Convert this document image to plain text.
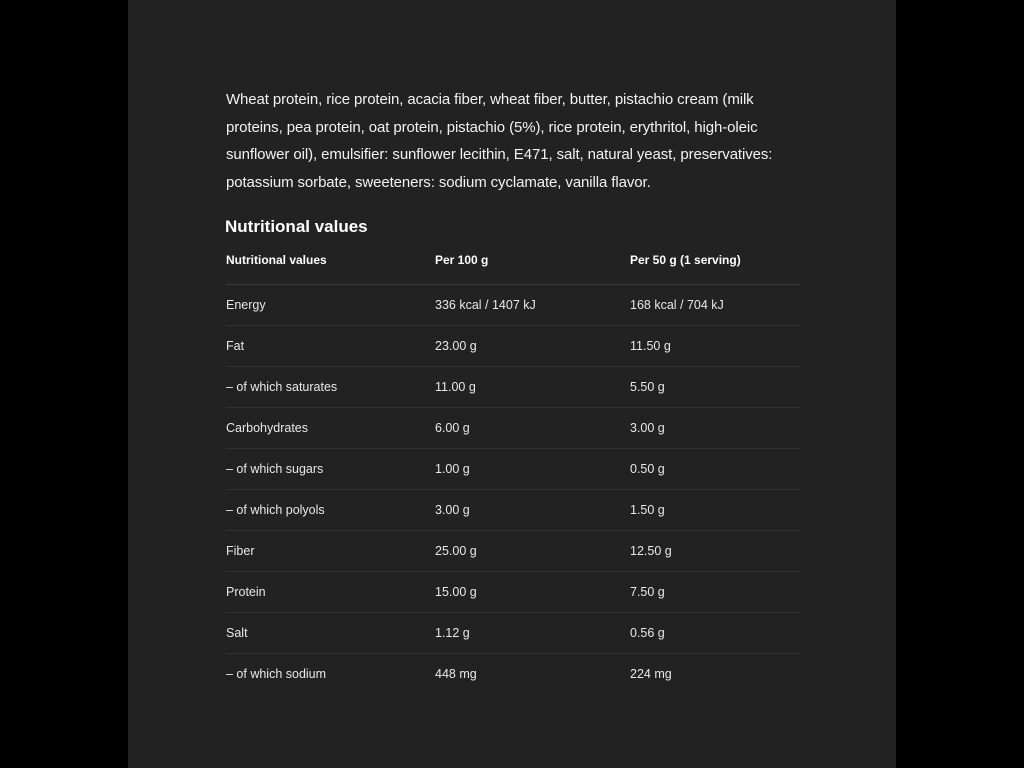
Wheat protein, rice protein, acacia fiber, wheat fiber, butter, pistachio cream (milk proteins, pea protein, oat protein, pistachio (5%), rice protein, erythritol, high-oleic sunflower oil), emulsifier: sunflower lecithin, E471, salt, natural yeast, preservatives: potassium sorbate, sweeteners: sodium cyclamate, vanilla flavor.

Nutritional values
Nutritional values	Per 100 g	Per 50 g (1 serving)
Energy	336 kcal / 1407 kJ	168 kcal / 704 kJ
Fat	23.00 g	11.50 g
– of which saturates	11.00 g	5.50 g
Carbohydrates	6.00 g	3.00 g
– of which sugars	1.00 g	0.50 g
– of which polyols	3.00 g	1.50 g
Fiber	25.00 g	12.50 g
Protein	15.00 g	7.50 g
Salt	1.12 g	0.56 g
– of which sodium	448 mg	224 mg
